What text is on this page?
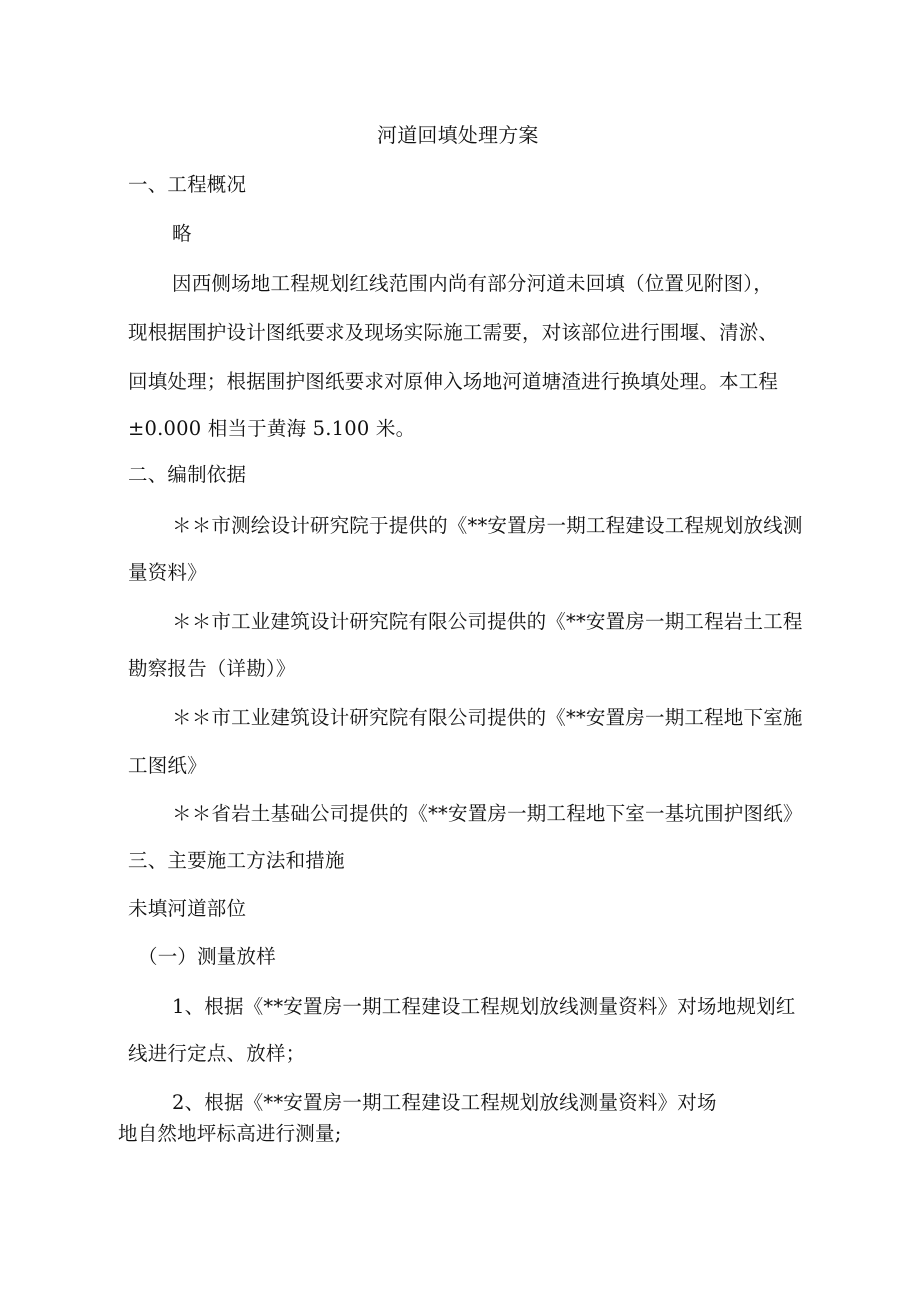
河道回填处理方案
一、工程概况
略
因西侧场地工程规划红线范围内尚有部分河道未回填（位置见附图），
现根据围护设计图纸要求及现场实际施工需要，对该部位进行围堰、清淤、
回填处理；根据围护图纸要求对原伸入场地河道塘渣进行换填处理。本工程
±0.000 相当于黄海 5.100 米。
二、编制依据
＊＊市测绘设计研究院于提供的《**安置房一期工程建设工程规划放线测
量资料》
＊＊市工业建筑设计研究院有限公司提供的《**安置房一期工程岩土工程
勘察报告（详勘）》
＊＊市工业建筑设计研究院有限公司提供的《**安置房一期工程地下室施
工图纸》
＊＊省岩土基础公司提供的《**安置房一期工程地下室一基坑围护图纸》
三、主要施工方法和措施
未填河道部位
（一）测量放样
1、根据《**安置房一期工程建设工程规划放线测量资料》对场地规划红
线进行定点、放样；
2、根据《**安置房一期工程建设工程规划放线测量资料》对场
地自然地坪标高进行测量;
